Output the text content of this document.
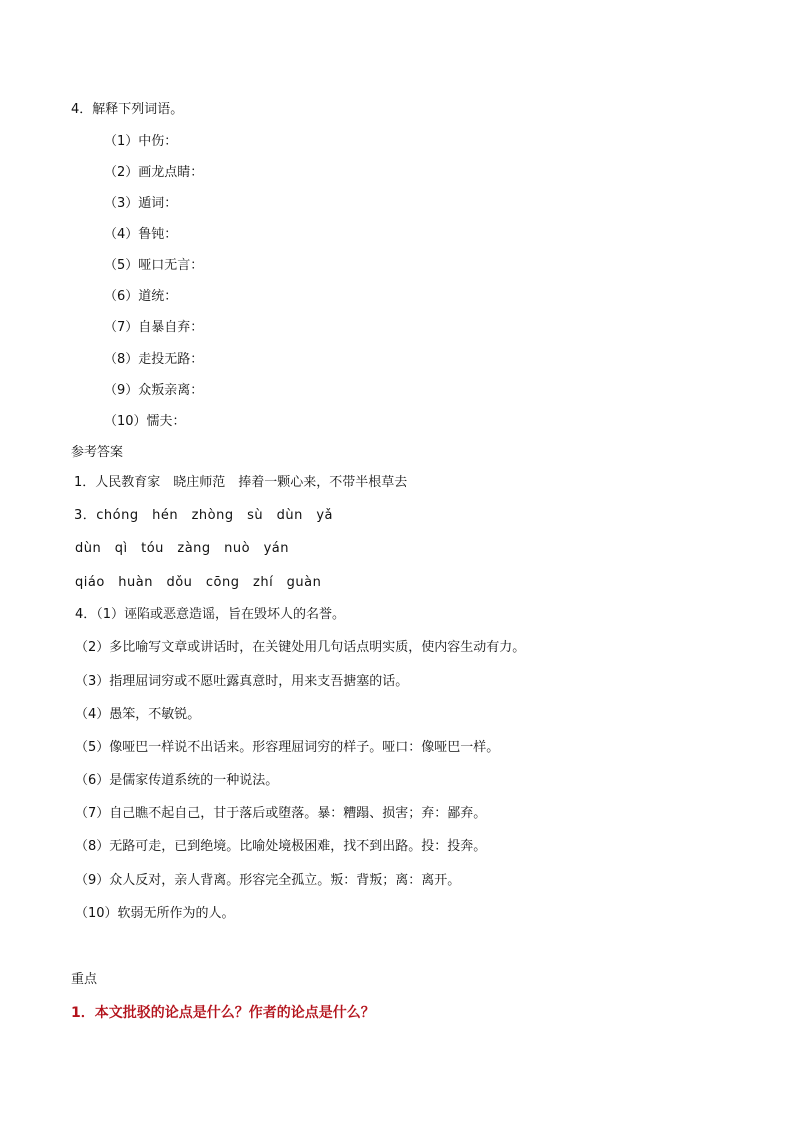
4．解释下列词语。
（1）中伤：
（2）画龙点睛：
（3）遁词：
（4）鲁钝：
（5）哑口无言：
（6）道统：
（7）自暴自弃：
（8）走投无路：
（9）众叛亲离：
（10）懦夫：
参考答案
1．人民教育家　晓庄师范　捧着一颗心来，不带半根草去
3．chóng　hén　zhòng　sù　dùn　yǎ
dùn　qì　tóu　zàng　nuò　yán
qiáo　huàn　dǒu　cōng　zhí　guàn
4．（1）诬陷或恶意造谣，旨在毁坏人的名誉。
（2）多比喻写文章或讲话时，在关键处用几句话点明实质，使内容生动有力。
（3）指理屈词穷或不愿吐露真意时，用来支吾搪塞的话。
（4）愚笨，不敏锐。
（5）像哑巴一样说不出话来。形容理屈词穷的样子。哑口：像哑巴一样。
（6）是儒家传道系统的一种说法。
（7）自己瞧不起自己，甘于落后或堕落。暴：糟蹋、损害；弃：鄙弃。
（8）无路可走，已到绝境。比喻处境极困难，找不到出路。投：投奔。
（9）众人反对，亲人背离。形容完全孤立。叛：背叛；离：离开。
（10）软弱无所作为的人。
重点
1．本文批驳的论点是什么？作者的论点是什么？
